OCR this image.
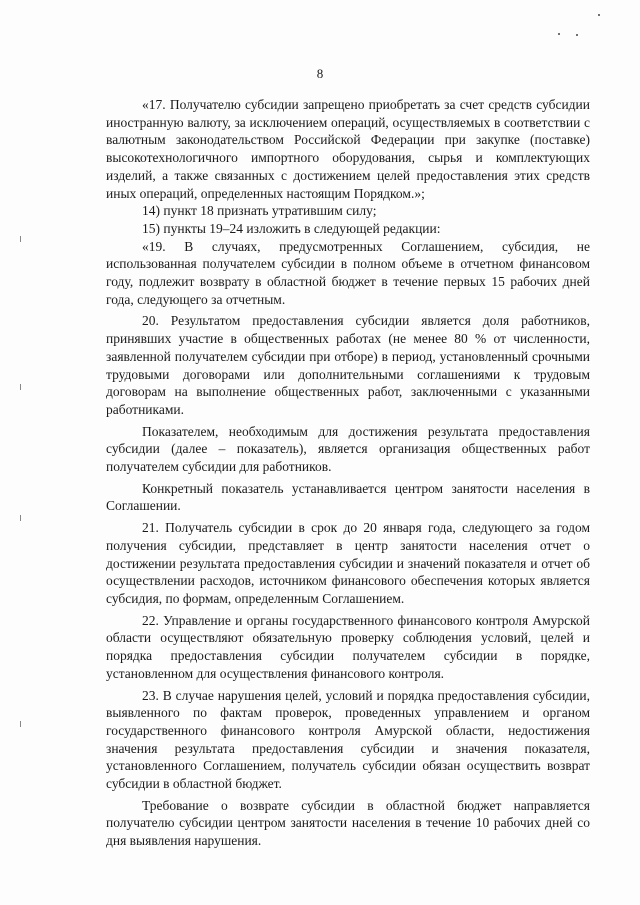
8

«17. Получателю субсидии запрещено приобретать за счет средств субсидии иностранную валюту, за исключением операций, осуществляемых в соответствии с валютным законодательством Российской Федерации при закупке (поставке) высокотехнологичного импортного оборудования, сырья и комплектующих изделий, а также связанных с достижением целей предоставления этих средств иных операций, определенных настоящим Порядком.»;

14) пункт 18 признать утратившим силу;

15) пункты 19–24 изложить в следующей редакции:

«19. В случаях, предусмотренных Соглашением, субсидия, не использованная получателем субсидии в полном объеме в отчетном финансовом году, подлежит возврату в областной бюджет в течение первых 15 рабочих дней года, следующего за отчетным.

20. Результатом предоставления субсидии является доля работников, принявших участие в общественных работах (не менее 80 % от численности, заявленной получателем субсидии при отборе) в период, установленный срочными трудовыми договорами или дополнительными соглашениями к трудовым договорам на выполнение общественных работ, заключенными с указанными работниками.

Показателем, необходимым для достижения результата предоставления субсидии (далее – показатель), является организация общественных работ получателем субсидии для работников.

Конкретный показатель устанавливается центром занятости населения в Соглашении.

21. Получатель субсидии в срок до 20 января года, следующего за годом получения субсидии, представляет в центр занятости населения отчет о достижении результата предоставления субсидии и значений показателя и отчет об осуществлении расходов, источником финансового обеспечения которых является субсидия, по формам, определенным Соглашением.

22. Управление и органы государственного финансового контроля Амурской области осуществляют обязательную проверку соблюдения условий, целей и порядка предоставления субсидии получателем субсидии в порядке, установленном для осуществления финансового контроля.

23. В случае нарушения целей, условий и порядка предоставления субсидии, выявленного по фактам проверок, проведенных управлением и органом государственного финансового контроля Амурской области, недостижения значения результата предоставления субсидии и значения показателя, установленного Соглашением, получатель субсидии обязан осуществить возврат субсидии в областной бюджет.

Требование о возврате субсидии в областной бюджет направляется получателю субсидии центром занятости населения в течение 10 рабочих дней со дня выявления нарушения.
